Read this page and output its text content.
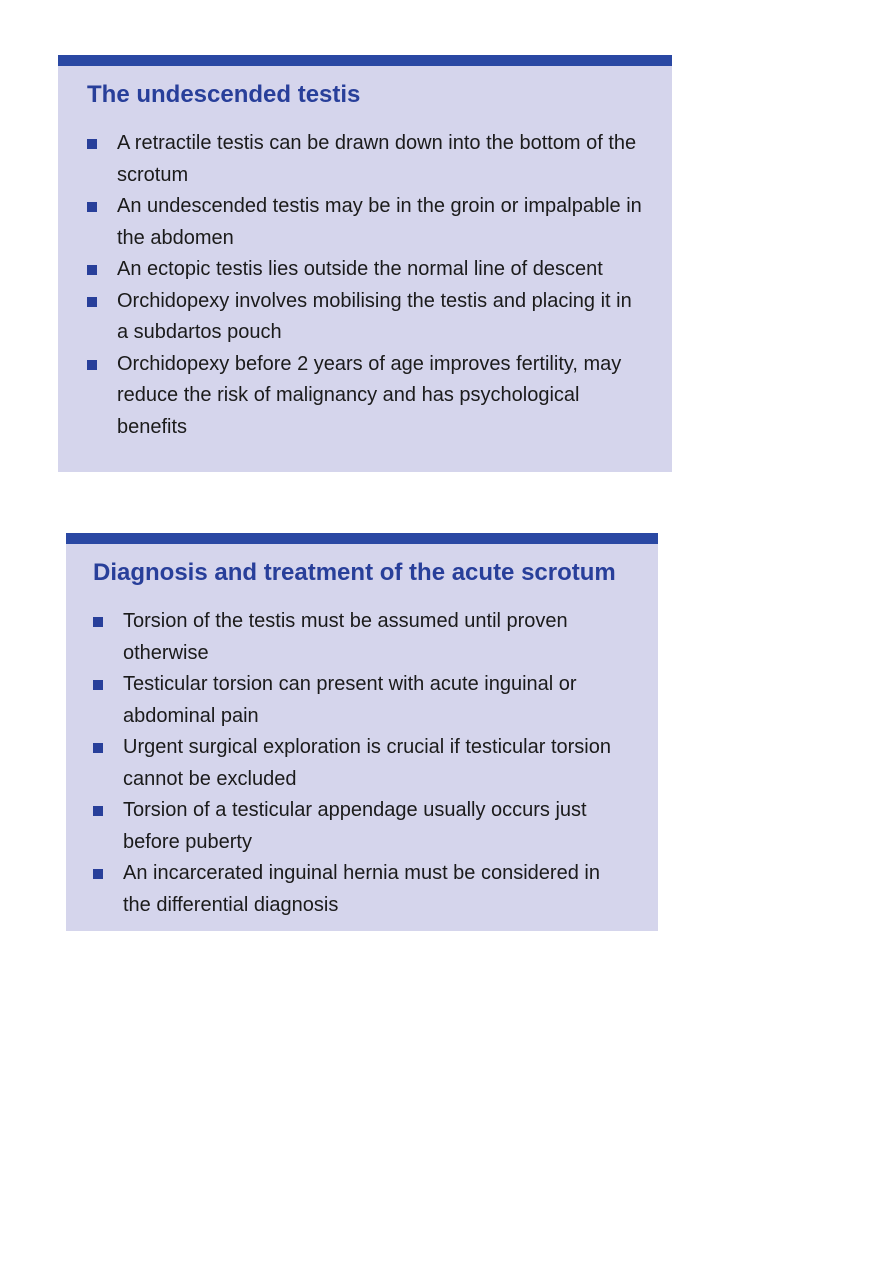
The undescended testis
A retractile testis can be drawn down into the bottom of the scrotum
An undescended testis may be in the groin or impalpable in the abdomen
An ectopic testis lies outside the normal line of descent
Orchidopexy involves mobilising the testis and placing it in a subdartos pouch
Orchidopexy before 2 years of age improves fertility, may reduce the risk of malignancy and has psychological benefits
Diagnosis and treatment of the acute scrotum
Torsion of the testis must be assumed until proven otherwise
Testicular torsion can present with acute inguinal or abdominal pain
Urgent surgical exploration is crucial if testicular torsion cannot be excluded
Torsion of a testicular appendage usually occurs just before puberty
An incarcerated inguinal hernia must be considered in the differential diagnosis
